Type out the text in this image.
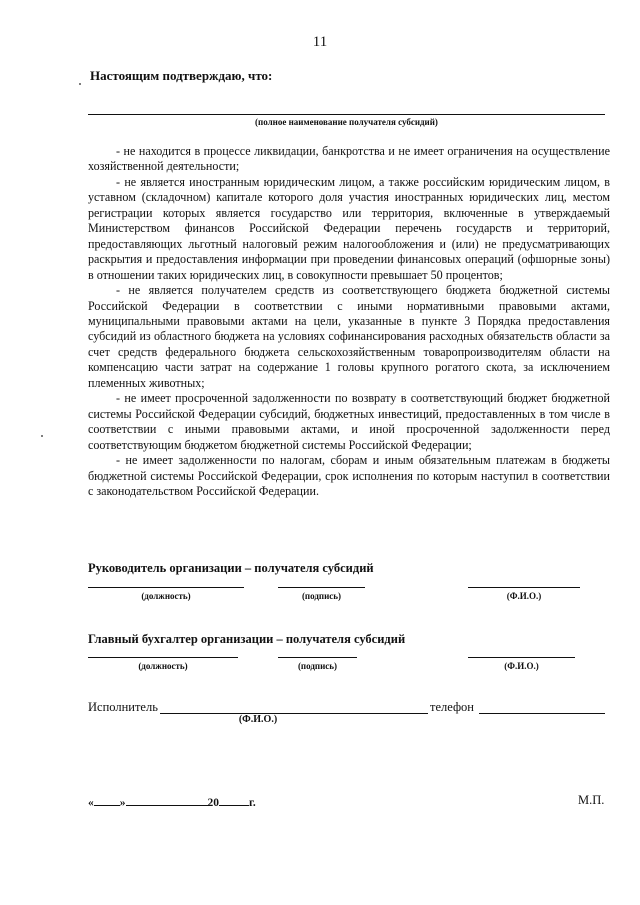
11
Настоящим подтверждаю, что:
(полное наименование получателя субсидий)

- не находится в процессе ликвидации, банкротства и не имеет ограничения на осуществление хозяйственной деятельности;

- не является иностранным юридическим лицом, а также российским юридическим лицом, в уставном (складочном) капитале которого доля участия иностранных юридических лиц, местом регистрации которых является государство или территория, включенные в утверждаемый Министерством финансов Российской Федерации перечень государств и территорий, предоставляющих льготный налоговый режим налогообложения и (или) не предусматривающих раскрытия и предоставления информации при проведении финансовых операций (офшорные зоны) в отношении таких юридических лиц, в совокупности превышает 50 процентов;

- не является получателем средств из соответствующего бюджета бюджетной системы Российской Федерации в соответствии с иными нормативными правовыми актами, муниципальными правовыми актами на цели, указанные в пункте 3 Порядка предоставления субсидий из областного бюджета на условиях софинансирования расходных обязательств области за счет средств федерального бюджета сельскохозяйственным товаропроизводителям области на компенсацию части затрат на содержание 1 головы крупного рогатого скота, за исключением племенных животных;

- не имеет просроченной задолженности по возврату в соответствующий бюджет бюджетной системы Российской Федерации субсидий, бюджетных инвестиций, предоставленных в том числе в соответствии с иными правовыми актами, и иной просроченной задолженности перед соответствующим бюджетом бюджетной системы Российской Федерации;

- не имеет задолженности по налогам, сборам и иным обязательным платежам в бюджеты бюджетной системы Российской Федерации, срок исполнения по которым наступил в соответствии с законодательством Российской Федерации.

Руководитель организации – получателя субсидий
(должность)	(подпись)	(Ф.И.О.)
Главный бухгалтер организации – получателя субсидий
(должность)	(подпись)	(Ф.И.О.)
Исполнитель	телефон
(Ф.И.О.)
« »	20	г.	М.П.
